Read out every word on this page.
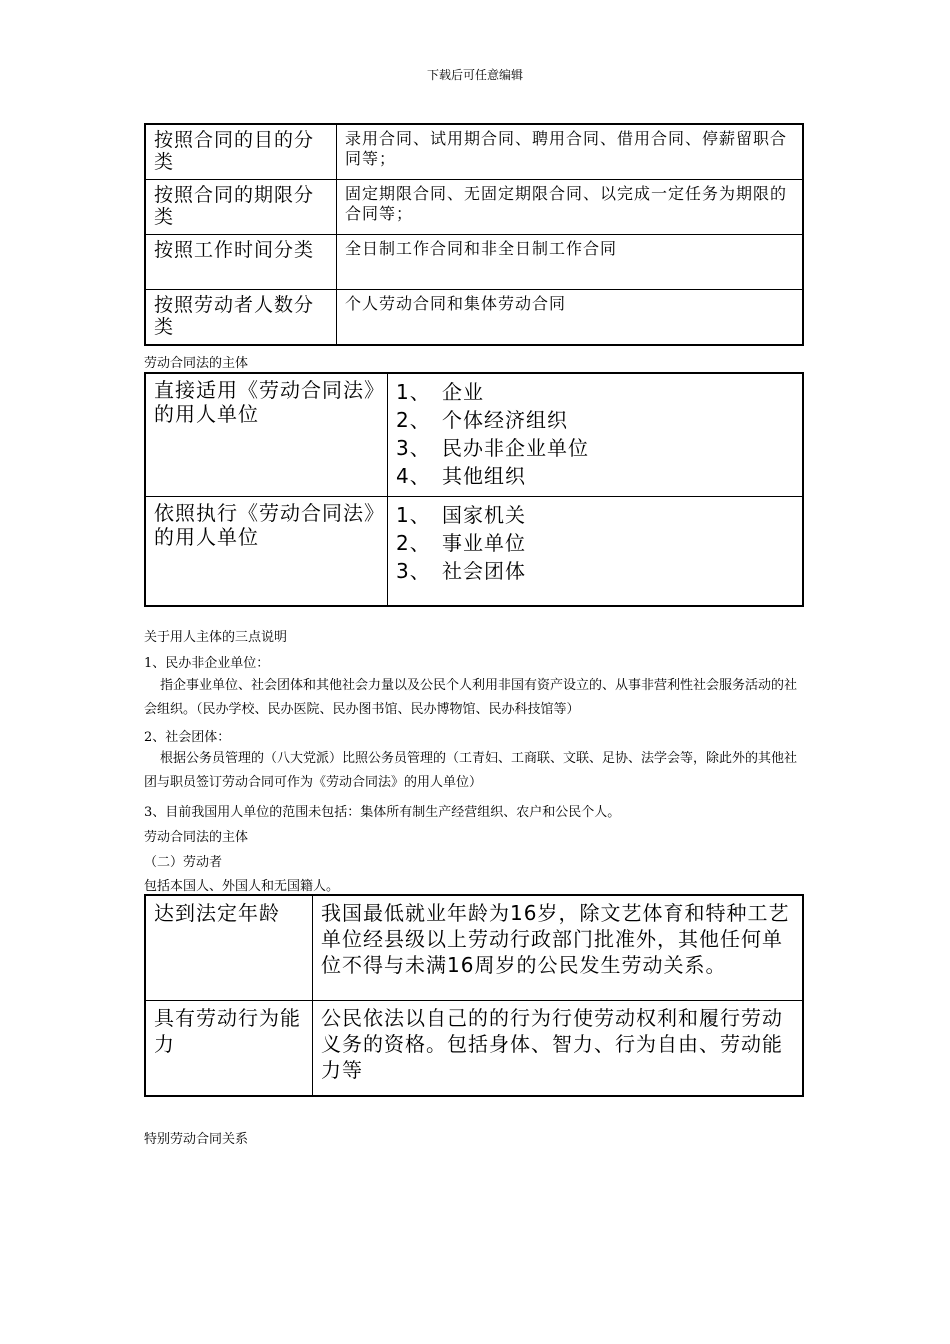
下载后可任意编辑
按照合同的目的分类	录用合同、试用期合同、聘用合同、借用合同、停薪留职合同等；
按照合同的期限分类	固定期限合同、无固定期限合同、以完成一定任务为期限的合同等；
按照工作时间分类	全日制工作合同和非全日制工作合同
按照劳动者人数分类	个人劳动合同和集体劳动合同
劳动合同法的主体
直接适用《劳动合同法》的用人单位	1、 企业
2、 个体经济组织
3、 民办非企业单位
4、 其他组织

依照执行《劳动合同法》的用人单位	1、 国家机关
2、 事业单位
3、 社会团体
关于用人主体的三点说明
1、民办非企业单位：
指企事业单位、社会团体和其他社会力量以及公民个人利用非国有资产设立的、从事非营利性社会服务活动的社会组织。（民办学校、民办医院、民办图书馆、民办博物馆、民办科技馆等）
2、社会团体：
根据公务员管理的（八大党派）比照公务员管理的（工青妇、工商联、文联、足协、法学会等，除此外的其他社团与职员签订劳动合同可作为《劳动合同法》的用人单位）
3、目前我国用人单位的范围未包括：集体所有制生产经营组织、农户和公民个人。
劳动合同法的主体
（二）劳动者
包括本国人、外国人和无国籍人。
达到法定年龄	我国最低就业年龄为16岁，除文艺体育和特种工艺单位经县级以上劳动行政部门批准外，其他任何单位不得与未满16周岁的公民发生劳动关系。
具有劳动行为能力	公民依法以自己的的行为行使劳动权利和履行劳动义务的资格。包括身体、智力、行为自由、劳动能力等
特别劳动合同关系
